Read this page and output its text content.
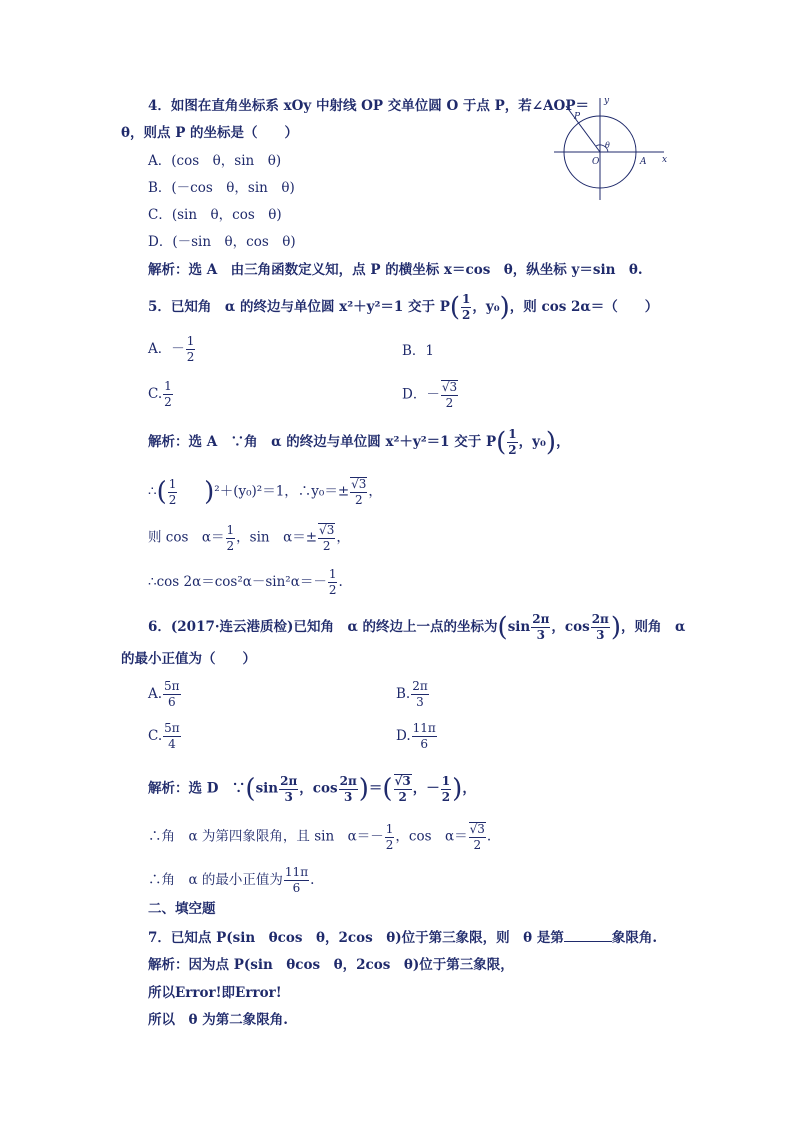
4．如图在直角坐标系 xOy 中射线 OP 交单位圆 O 于点 P，若∠AOP＝
θ，则点 P 的坐标是（　　）
A．(cos　θ，sin　θ)
B．(－cos　θ，sin　θ)
C．(sin　θ，cos　θ)
D．(－sin　θ，cos　θ)
解析：选 A　由三角函数定义知，点 P 的横坐标 x＝cos　θ，纵坐标 y＝sin　θ.
y
x
O	A
P
θ
5．已知角　α 的终边与单位圆 x²＋y²＝1 交于 $P( \frac{1}{2}$ ，y₀)，则 cos 2α＝（　　）
A．－ $\frac{1}{2}$	B．1
C. $\frac{1}{2}$	D．－ $\frac{√3}{2}$
解析：选 A　∵角　α 的终边与单位圆 x²＋y²＝1 交于 $P( \frac{1}{2}$ ，y₀)，
∴( $\frac{1}{2} )^2+(y_0)^2=1$，∴y₀＝± $\frac{√3}{2}$ ，
则 cos　$\alpha= \frac{1}{2}$ ，sin　$\alpha=\pm \frac{√3}{2}$ ，
∴cos $2\alpha=\cos^2\alpha-\sin^2\alpha=- \frac{1}{2}$ .
6．(2017·连云港质检)已知角　α 的终边上一点的坐标为($\sin \frac{2\pi}{3}$ ，$\cos \frac{2\pi}{3}$ )，则角　α
的最小正值为（　　）
A. $\frac{5\pi}{6}$	B. $\frac{2\pi}{3}$
C. $\frac{5\pi}{4}$	D. $\frac{11\pi}{6}$
解析：选 D　∵(sin $\frac{2\pi}{3}$ ，$\cos \frac{2\pi}{3}$ )＝( $\frac{√3}{2}$ ，－ $\frac{1}{2}$ )，
∴角　α 为第四象限角，且 sin　$\alpha=- \frac{1}{2}$ ，cos　$\alpha= \frac{√3}{2}$ .
∴角　α 的最小正值为 $\frac{11\pi}{6}$ .
二、填空题
7．已知点 P(sin　θcos　θ，2cos　θ)位于第三象限，则　θ 是第	象限角.
解析：因为点 P(sin　θcos　θ，2cos　θ)位于第三象限，
所以Error!即Error!
所以　θ 为第二象限角.
